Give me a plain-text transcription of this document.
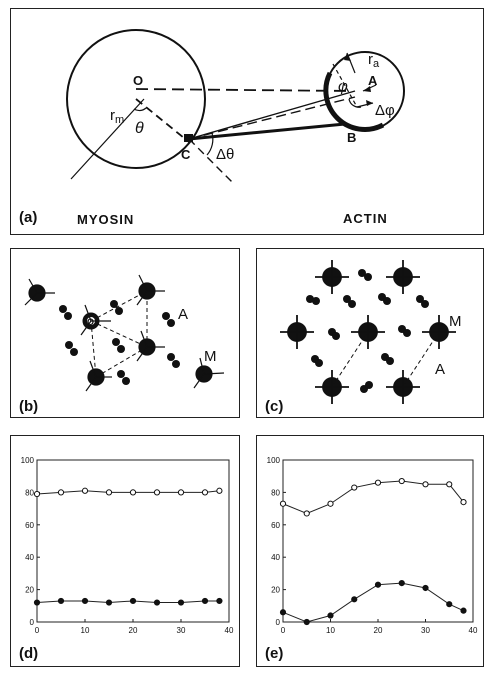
O	A
B
C
$r_m$
$r_a$
θ
Δθ
φ
Δφ
MYOSIN	ACTIN
(a)
O	A
M
(b)
M
A
(c)
0
20
40
60
80
100
0	10	20	30	40
(d)
0
20
40
60
80
100
0	10	20	30	40
(e)
